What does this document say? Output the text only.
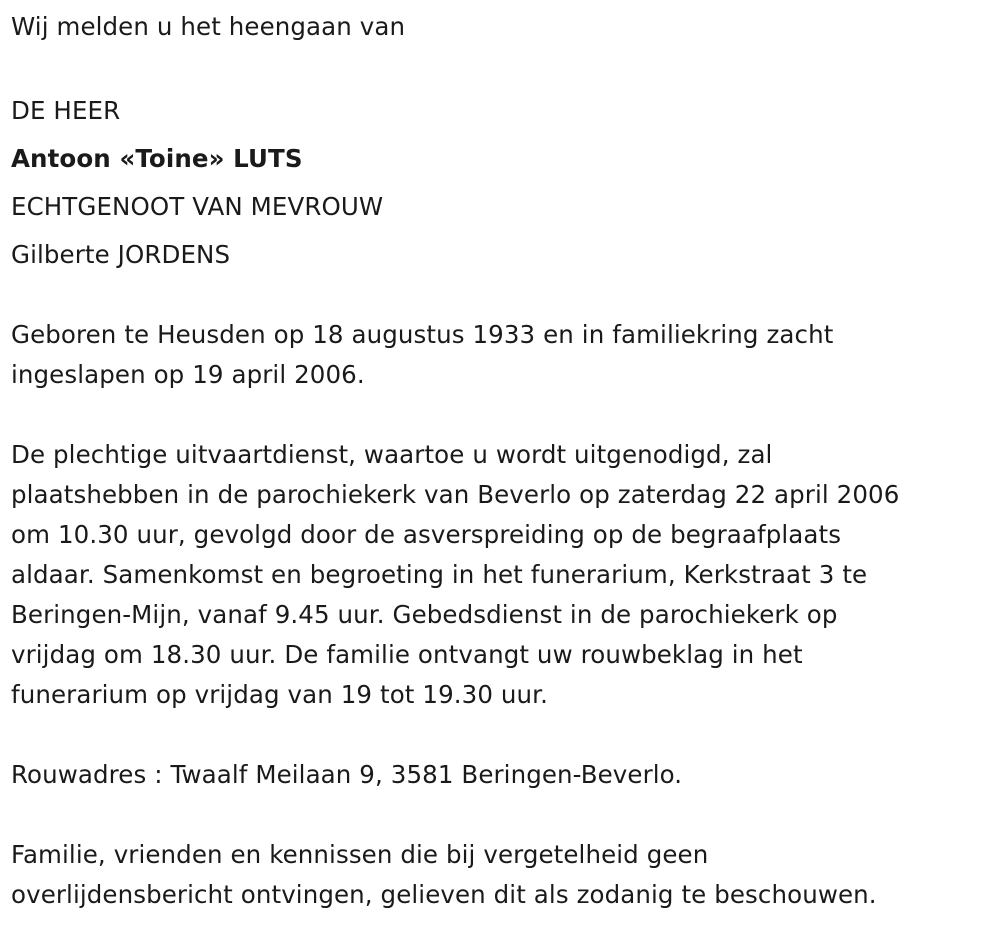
Wij melden u het heengaan van

DE HEER

Antoon «Toine» LUTS

ECHTGENOOT VAN MEVROUW

Gilberte JORDENS

Geboren te Heusden op 18 augustus 1933 en in familiekring zacht

ingeslapen op 19 april 2006.

De plechtige uitvaartdienst, waartoe u wordt uitgenodigd, zal

plaatshebben in de parochiekerk van Beverlo op zaterdag 22 april 2006

om 10.30 uur, gevolgd door de asverspreiding op de begraafplaats

aldaar. Samenkomst en begroeting in het funerarium, Kerkstraat 3 te

Beringen-Mijn, vanaf 9.45 uur. Gebedsdienst in de parochiekerk op

vrijdag om 18.30 uur. De familie ontvangt uw rouwbeklag in het

funerarium op vrijdag van 19 tot 19.30 uur.

Rouwadres : Twaalf Meilaan 9, 3581 Beringen-Beverlo.

Familie, vrienden en kennissen die bij vergetelheid geen

overlijdensbericht ontvingen, gelieven dit als zodanig te beschouwen.
